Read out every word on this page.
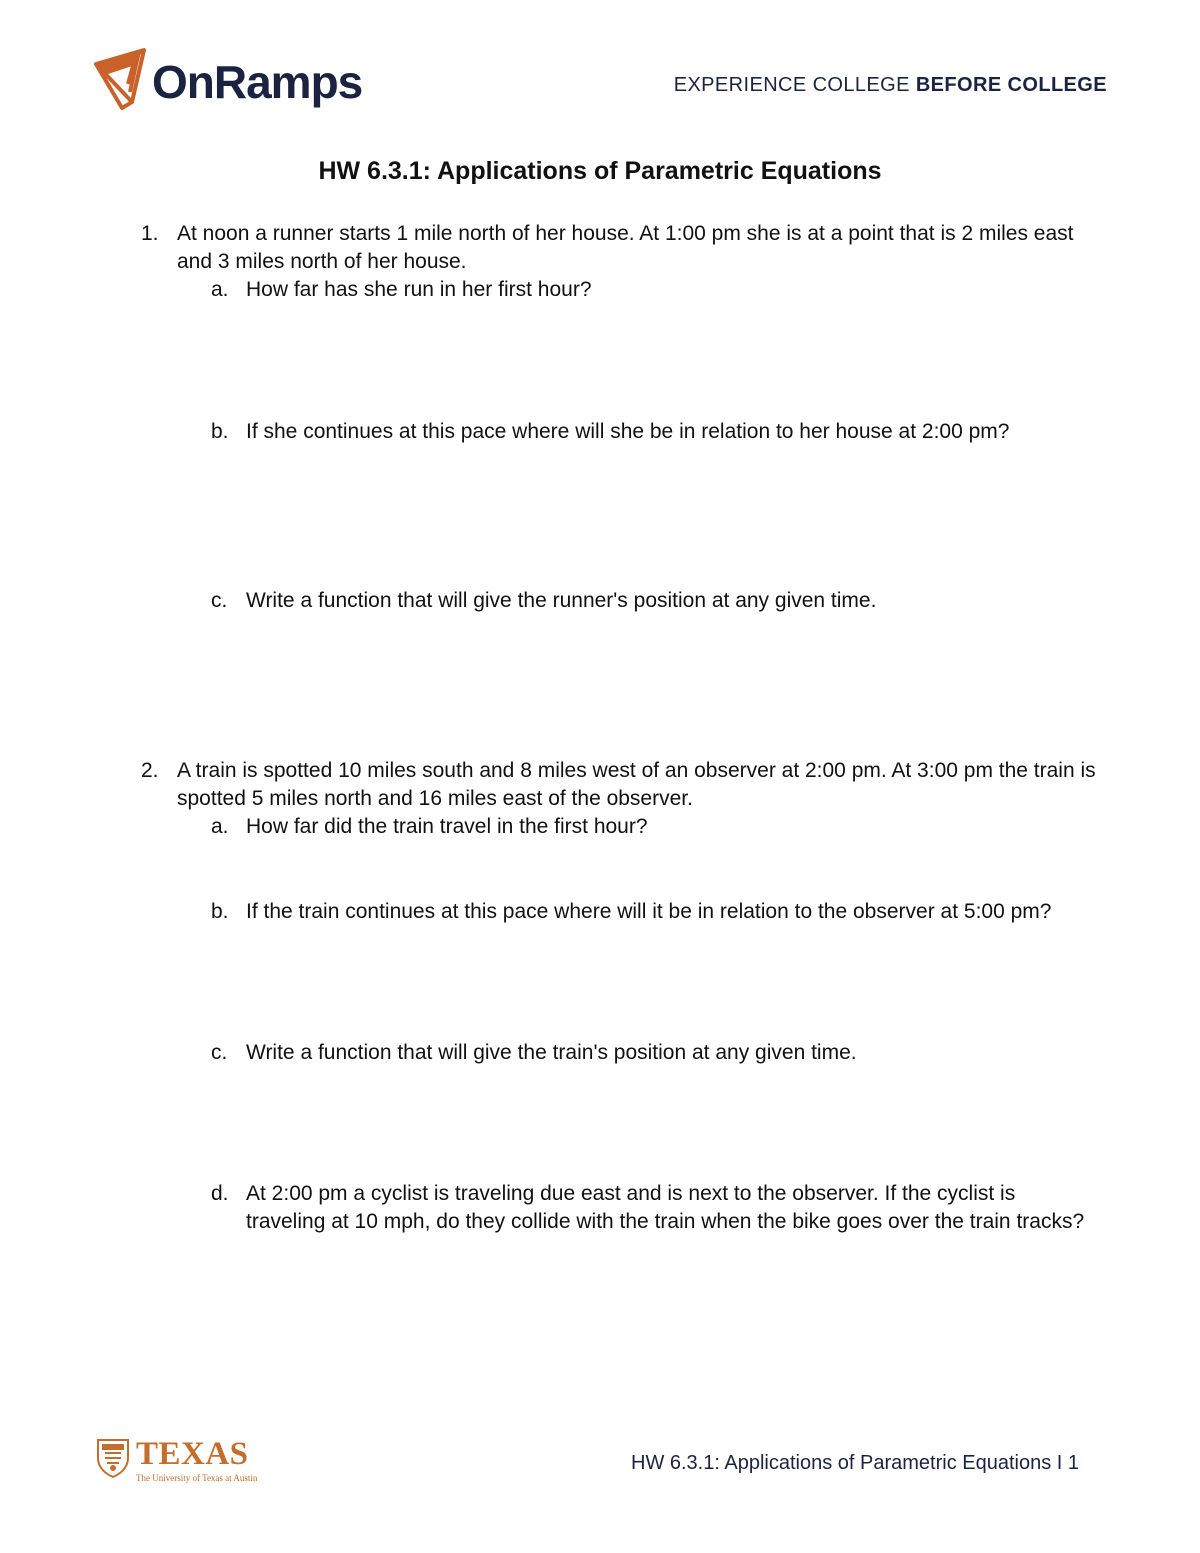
OnRamps	EXPERIENCE COLLEGE BEFORE COLLEGE
HW 6.3.1: Applications of Parametric Equations
1. At noon a runner starts 1 mile north of her house. At 1:00 pm she is at a point that is 2 miles east and 3 miles north of her house.
a. How far has she run in her first hour?
b. If she continues at this pace where will she be in relation to her house at 2:00 pm?
c. Write a function that will give the runner's position at any given time.
2. A train is spotted 10 miles south and 8 miles west of an observer at 2:00 pm. At 3:00 pm the train is spotted 5 miles north and 16 miles east of the observer.
a. How far did the train travel in the first hour?
b. If the train continues at this pace where will it be in relation to the observer at 5:00 pm?
c. Write a function that will give the train's position at any given time.
d. At 2:00 pm a cyclist is traveling due east and is next to the observer. If the cyclist is traveling at 10 mph, do they collide with the train when the bike goes over the train tracks?
TEXAS
The University of Texas at Austin
HW 6.3.1: Applications of Parametric Equations I 1
